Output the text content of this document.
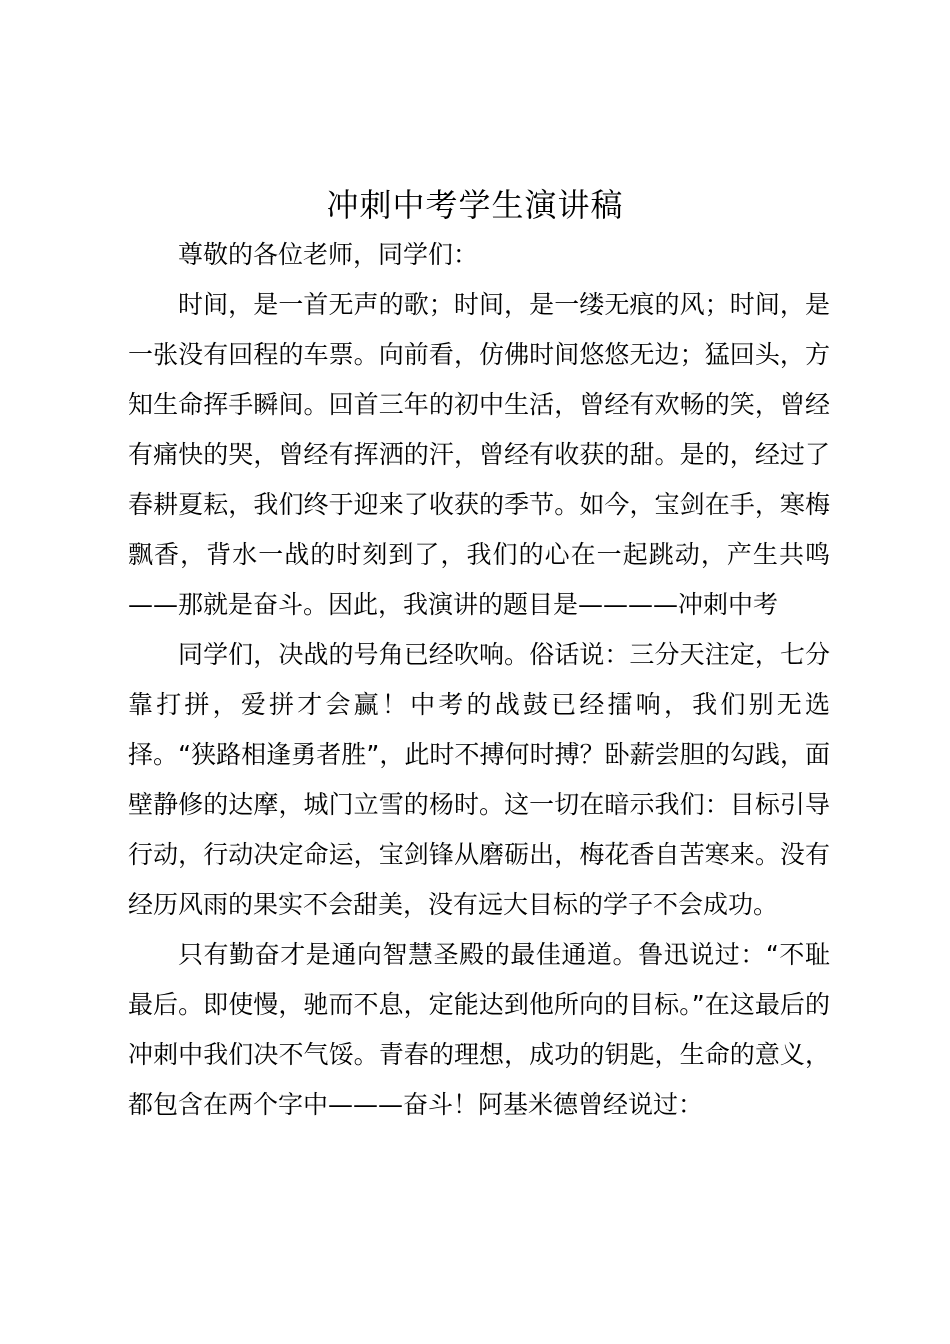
冲刺中考学生演讲稿

尊敬的各位老师，同学们：

时间，是一首无声的歌；时间，是一缕无痕的风；时间，是一张没有回程的车票。向前看，仿佛时间悠悠无边；猛回头，方知生命挥手瞬间。回首三年的初中生活，曾经有欢畅的笑，曾经有痛快的哭，曾经有挥洒的汗，曾经有收获的甜。是的，经过了春耕夏耘，我们终于迎来了收获的季节。如今，宝剑在手，寒梅飘香，背水一战的时刻到了，我们的心在一起跳动，产生共鸣——那就是奋斗。因此，我演讲的题目是————冲刺中考

同学们，决战的号角已经吹响。俗话说：三分天注定，七分靠打拼，爱拼才会赢！中考的战鼓已经擂响，我们别无选择。“狭路相逢勇者胜”，此时不搏何时搏？卧薪尝胆的勾践，面壁静修的达摩，城门立雪的杨时。这一切在暗示我们：目标引导行动，行动决定命运，宝剑锋从磨砺出，梅花香自苦寒来。没有经历风雨的果实不会甜美，没有远大目标的学子不会成功。

只有勤奋才是通向智慧圣殿的最佳通道。鲁迅说过：“不耻最后。即使慢，驰而不息，定能达到他所向的目标。”在这最后的冲刺中我们决不气馁。青春的理想，成功的钥匙，生命的意义，都包含在两个字中———奋斗！阿基米德曾经说过：
